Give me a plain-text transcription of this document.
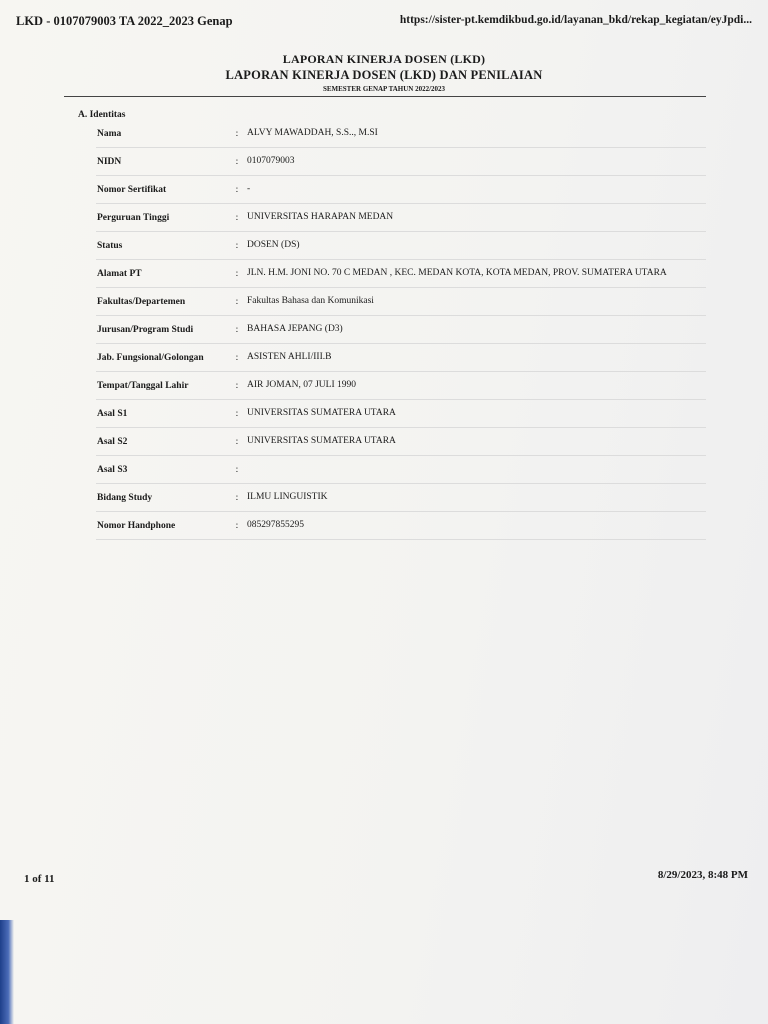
LKD - 0107079003 TA 2022_2023 Genap	https://sister-pt.kemdikbud.go.id/layanan_bkd/rekap_kegiatan/eyJpdi...
LAPORAN KINERJA DOSEN (LKD)
LAPORAN KINERJA DOSEN (LKD) DAN PENILAIAN
SEMESTER GENAP TAHUN 2022/2023
A. Identitas
Nama	:	ALVY MAWADDAH, S.S.., M.SI
NIDN	:	0107079003
Nomor Sertifikat	:	-
Perguruan Tinggi	:	UNIVERSITAS HARAPAN MEDAN
Status	:	DOSEN (DS)
Alamat PT	:	JLN. H.M. JONI NO. 70 C MEDAN , KEC. MEDAN KOTA, KOTA MEDAN, PROV. SUMATERA UTARA
Fakultas/Departemen	:	Fakultas Bahasa dan Komunikasi
Jurusan/Program Studi	:	BAHASA JEPANG (D3)
Jab. Fungsional/Golongan	:	ASISTEN AHLI/III.B
Tempat/Tanggal Lahir	:	AIR JOMAN, 07 JULI 1990
Asal S1	:	UNIVERSITAS SUMATERA UTARA
Asal S2	:	UNIVERSITAS SUMATERA UTARA
Asal S3	:	
Bidang Study	:	ILMU LINGUISTIK
Nomor Handphone	:	085297855295
1 of 11	8/29/2023, 8:48 PM
